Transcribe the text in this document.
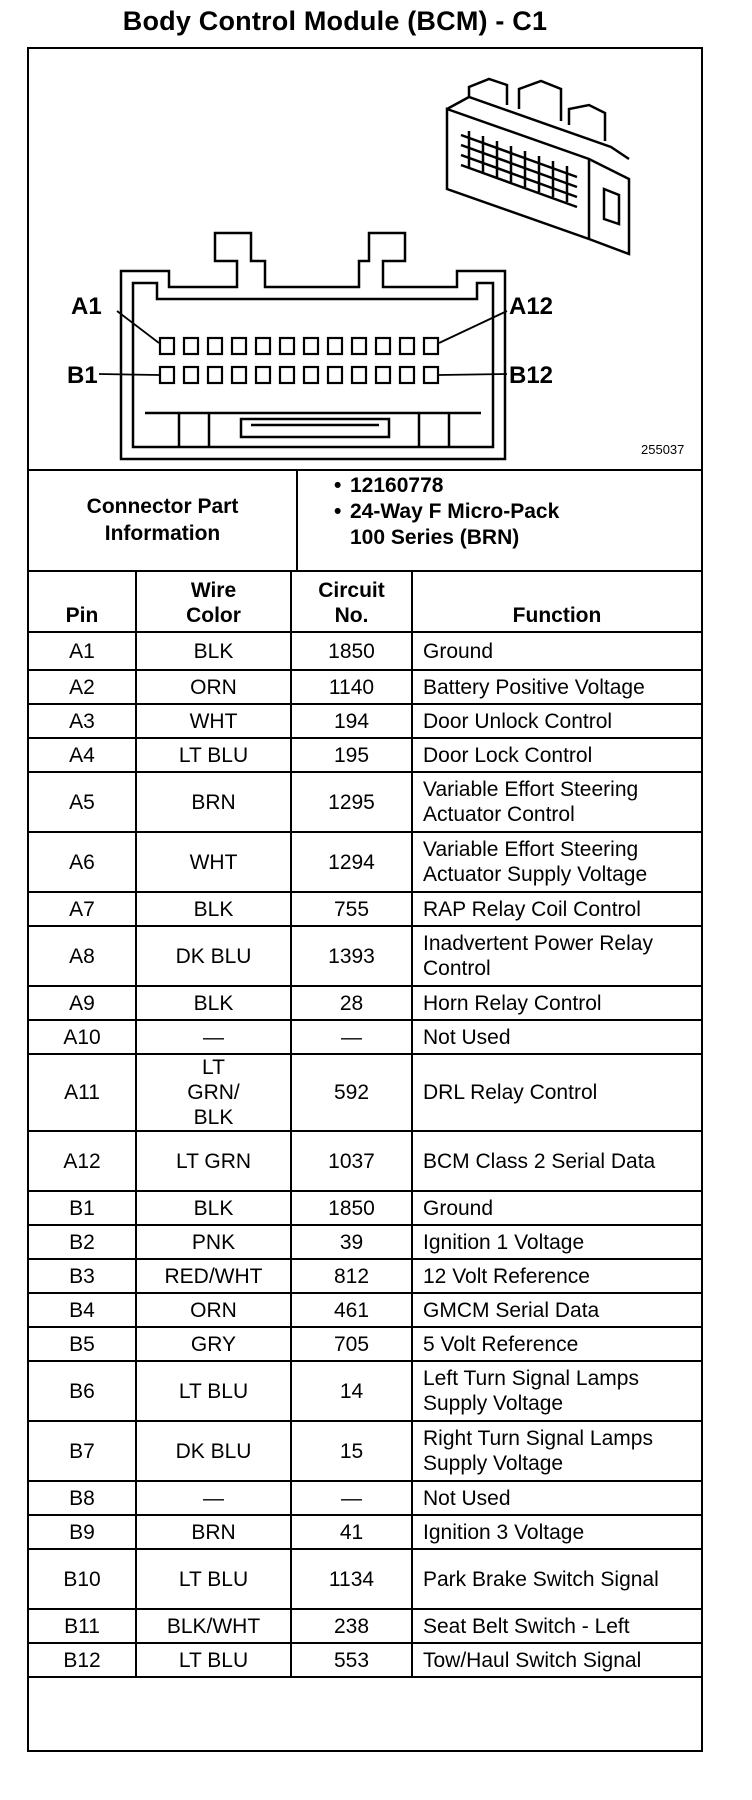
Body Control Module (BCM) - C1
A1	A12
B1	B12
255037
Connector Part Information
• 12160778
• 24-Way F Micro-Pack
100 Series (BRN)
Pin	Wire Color	Circuit No.	Function
A1	BLK	1850	Ground
A2	ORN	1140	Battery Positive Voltage
A3	WHT	194	Door Unlock Control
A4	LT BLU	195	Door Lock Control
A5	BRN	1295	Variable Effort Steering Actuator Control
A6	WHT	1294	Variable Effort Steering Actuator Supply Voltage
A7	BLK	755	RAP Relay Coil Control
A8	DK BLU	1393	Inadvertent Power Relay Control
A9	BLK	28	Horn Relay Control
A10	—	—	Not Used
A11	LT GRN/ BLK	592	DRL Relay Control
A12	LT GRN	1037	BCM Class 2 Serial Data
B1	BLK	1850	Ground
B2	PNK	39	Ignition 1 Voltage
B3	RED/WHT	812	12 Volt Reference
B4	ORN	461	GMCM Serial Data
B5	GRY	705	5 Volt Reference
B6	LT BLU	14	Left Turn Signal Lamps Supply Voltage
B7	DK BLU	15	Right Turn Signal Lamps Supply Voltage
B8	—	—	Not Used
B9	BRN	41	Ignition 3 Voltage
B10	LT BLU	1134	Park Brake Switch Signal
B11	BLK/WHT	238	Seat Belt Switch - Left
B12	LT BLU	553	Tow/Haul Switch Signal
